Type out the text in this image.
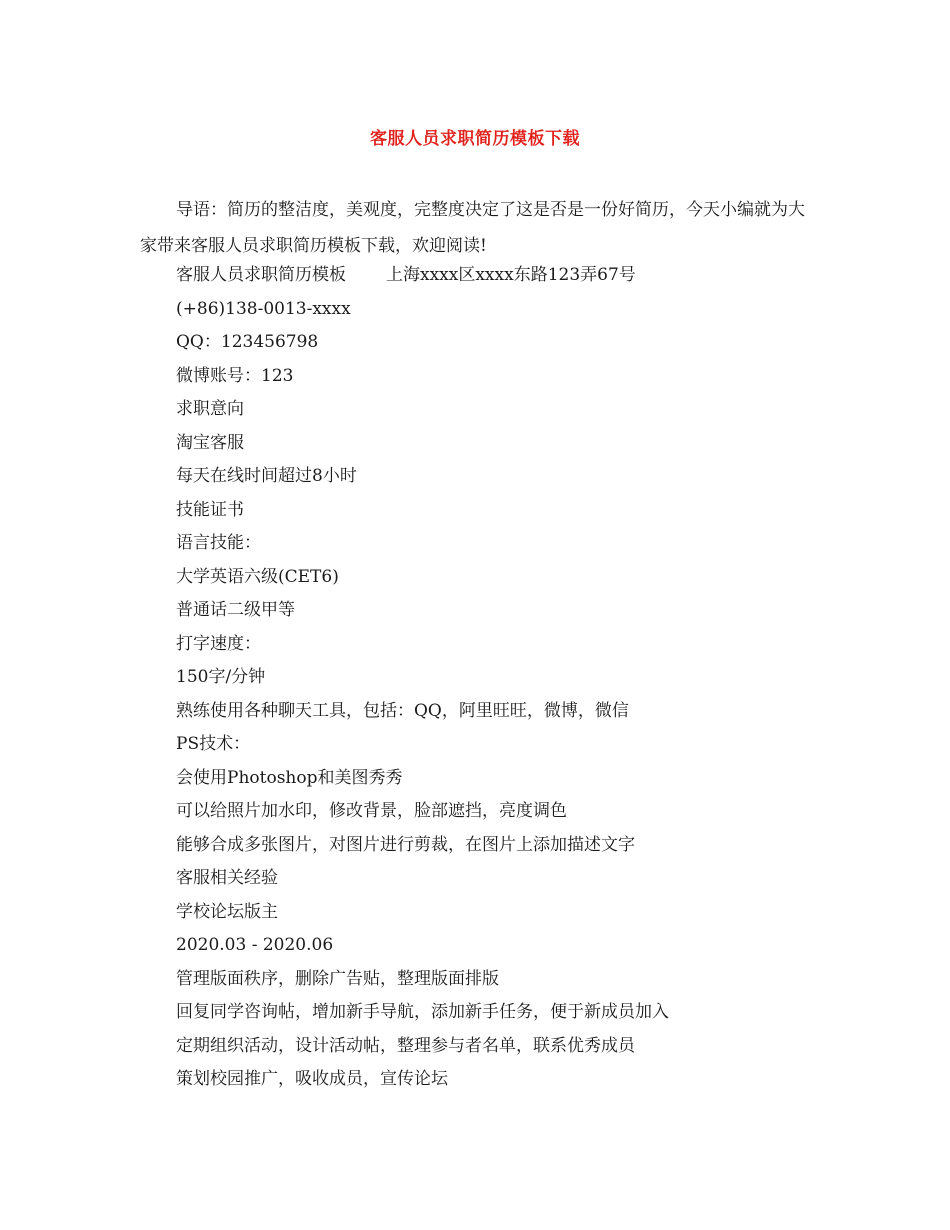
客服人员求职简历模板下载

导语：简历的整洁度，美观度，完整度决定了这是否是一份好简历，今天小编就为大家带来客服人员求职简历模板下载，欢迎阅读!

客服人员求职简历模板 上海xxxx区xxxx东路123弄67号
(+86)138-0013-xxxx
QQ：123456798
微博账号：123
求职意向
淘宝客服
每天在线时间超过8小时
技能证书
语言技能：
大学英语六级(CET6)
普通话二级甲等
打字速度：
150字/分钟
熟练使用各种聊天工具，包括：QQ，阿里旺旺，微博，微信
PS技术：
会使用Photoshop和美图秀秀
可以给照片加水印，修改背景，脸部遮挡，亮度调色
能够合成多张图片，对图片进行剪裁，在图片上添加描述文字
客服相关经验
学校论坛版主
2020.03 - 2020.06
管理版面秩序，删除广告贴，整理版面排版
回复同学咨询帖，增加新手导航，添加新手任务，便于新成员加入
定期组织活动，设计活动帖，整理参与者名单，联系优秀成员
策划校园推广，吸收成员，宣传论坛
